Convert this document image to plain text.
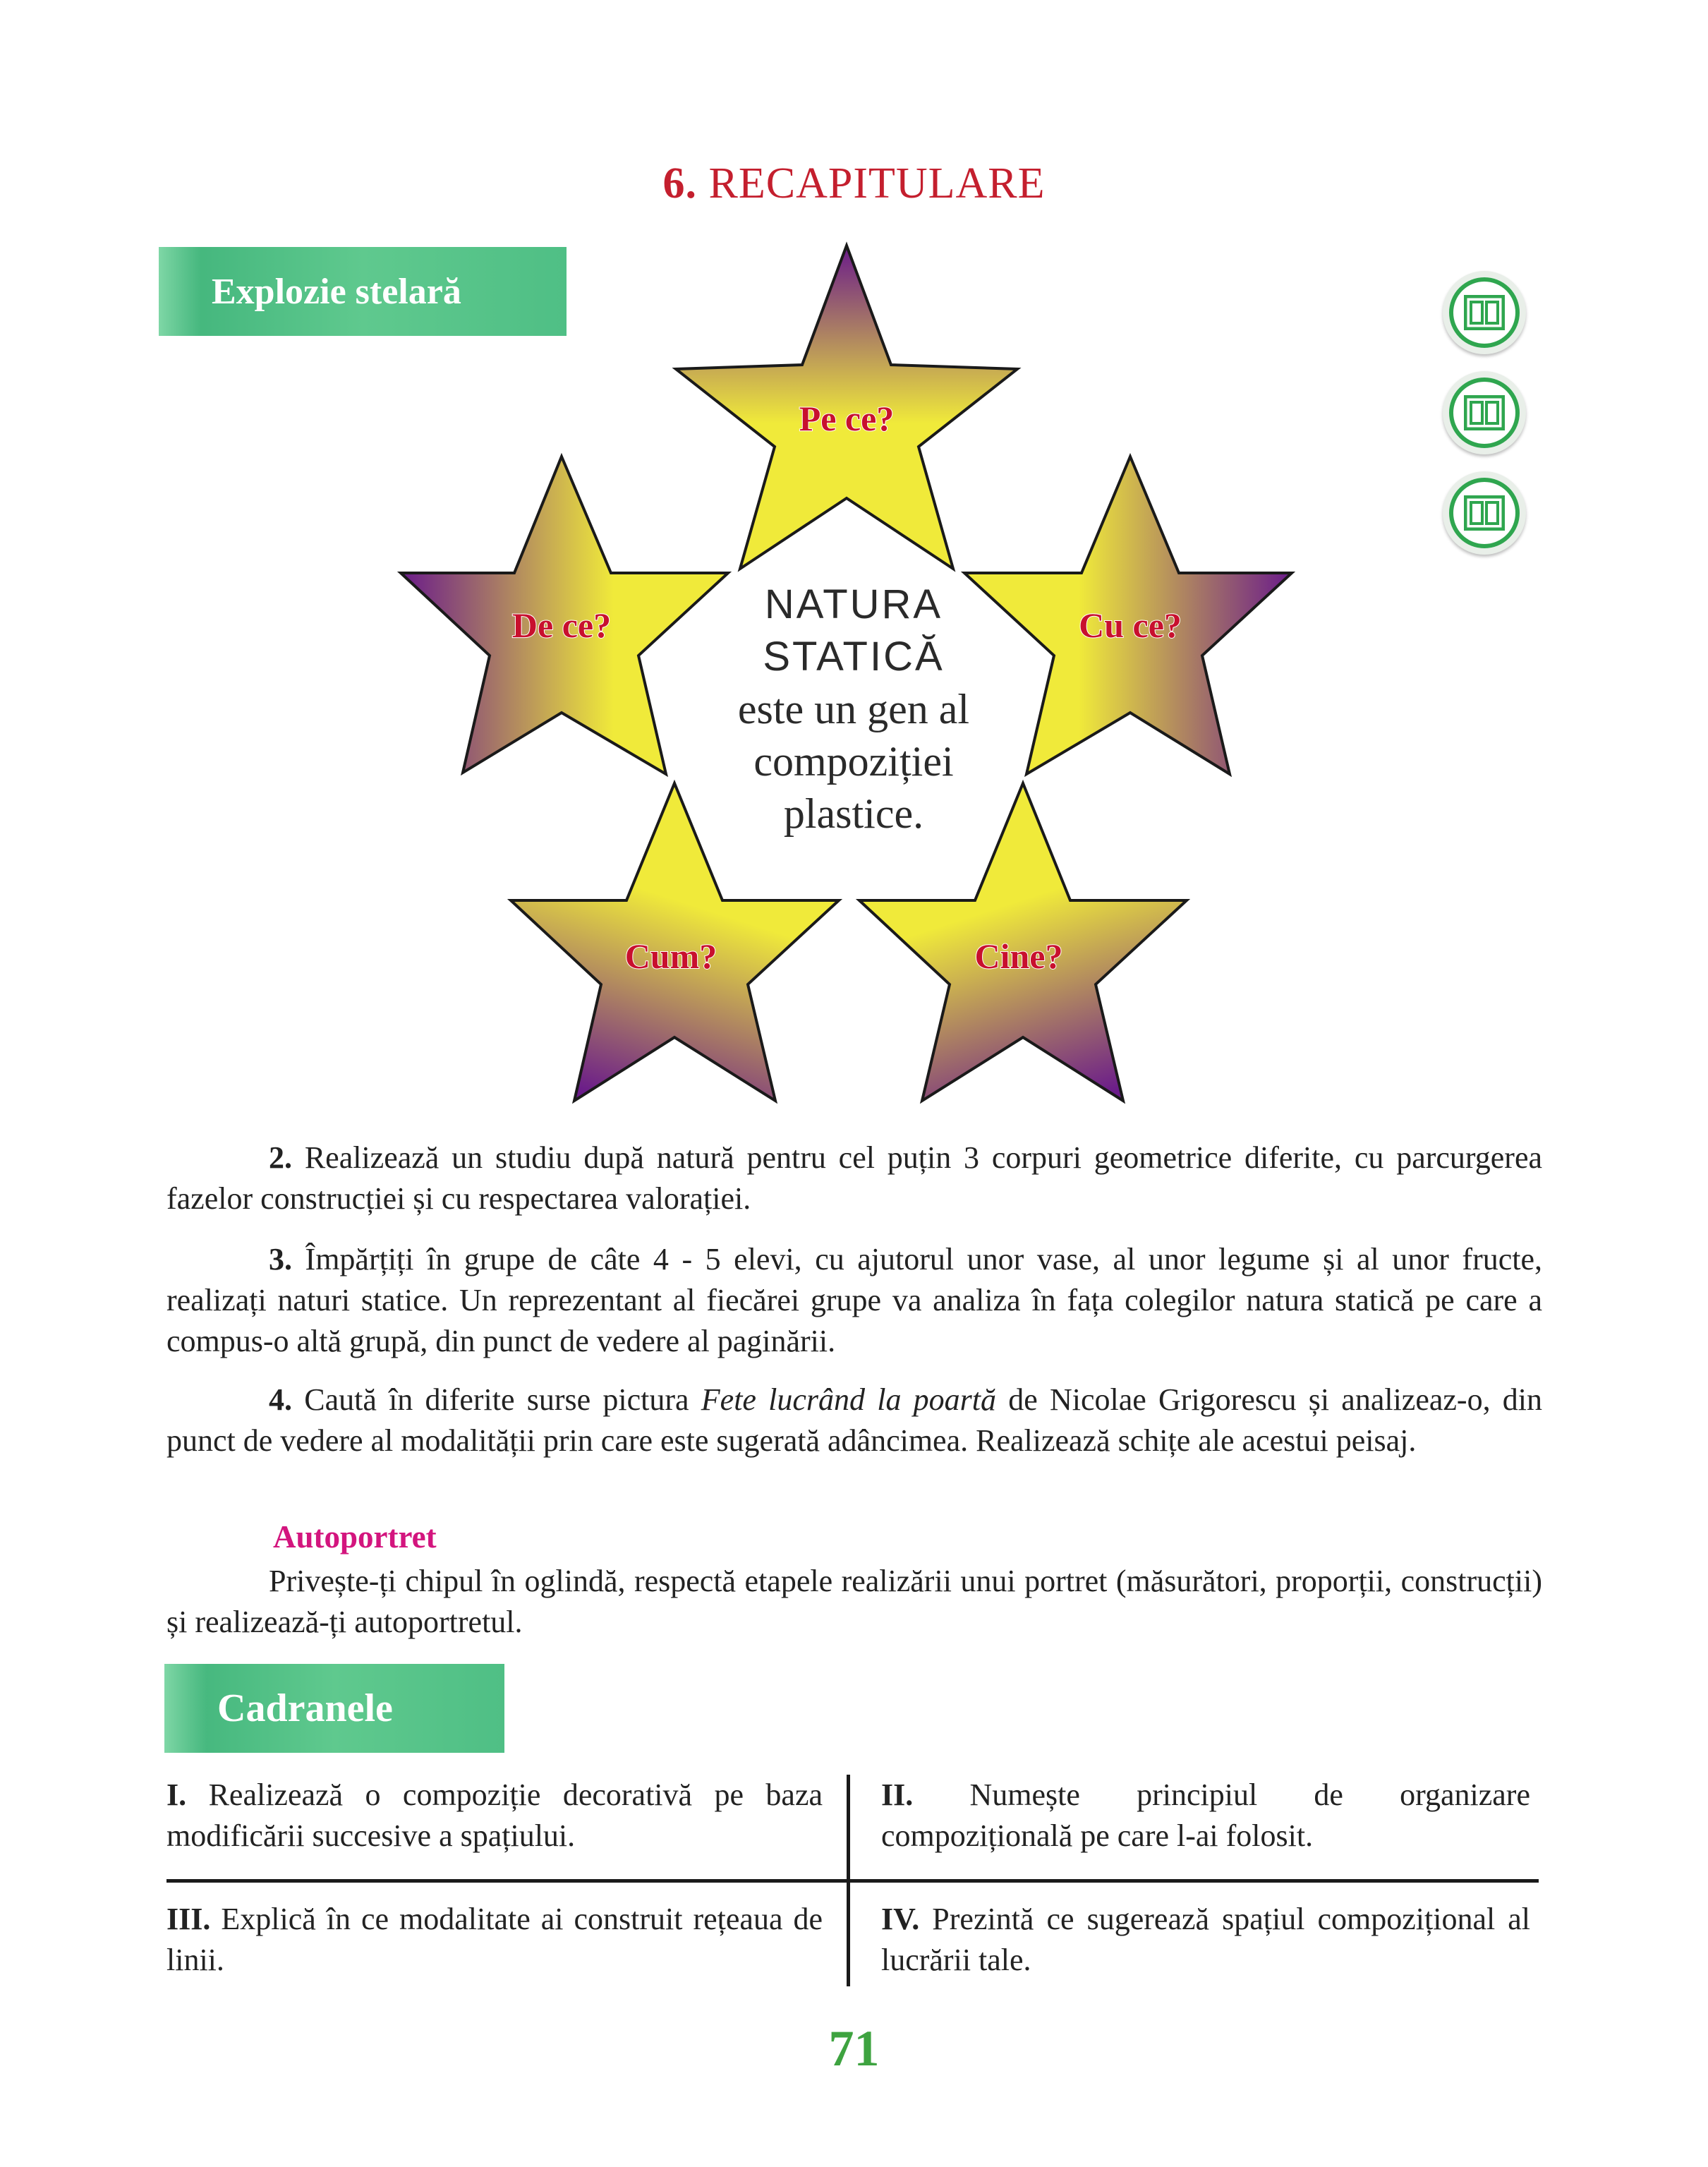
6. RECAPITULARE
Explozie stelară
Pe ce?
De ce?	Cu ce?
Cum?	Cine?
NATURA
STATICĂ
este un gen al
compoziției
plastice.
2. Realizează un studiu după natură pentru cel puțin 3 corpuri geometrice diferite, cu parcurgerea fazelor construcției și cu respectarea valorației.
3. Împărțiți în grupe de câte 4 - 5 elevi, cu ajutorul unor vase, al unor legume și al unor fructe, realizați naturi statice. Un reprezentant al fiecărei grupe va analiza în fața colegilor natura statică pe care a compus-o altă grupă, din punct de vedere al paginării.
4. Caută în diferite surse pictura Fete lucrând la poartă de Nicolae Grigorescu și analizeaz-o, din punct de vedere al modalității prin care este sugerată adâncimea. Realizează schițe ale acestui peisaj.
Autoportret
Privește-ți chipul în oglindă, respectă etapele realizării unui portret (măsurători, proporții, construcții) și realizează-ți autoportretul.
Cadranele
I. Realizează o compoziție decorativă pe baza modificării succesive a spațiului.
II. Numește principiul de organizare compozițională pe care l-ai folosit.
III. Explică în ce modalitate ai construit rețeaua de linii.
IV. Prezintă ce sugerează spațiul compozițional al lucrării tale.
71
